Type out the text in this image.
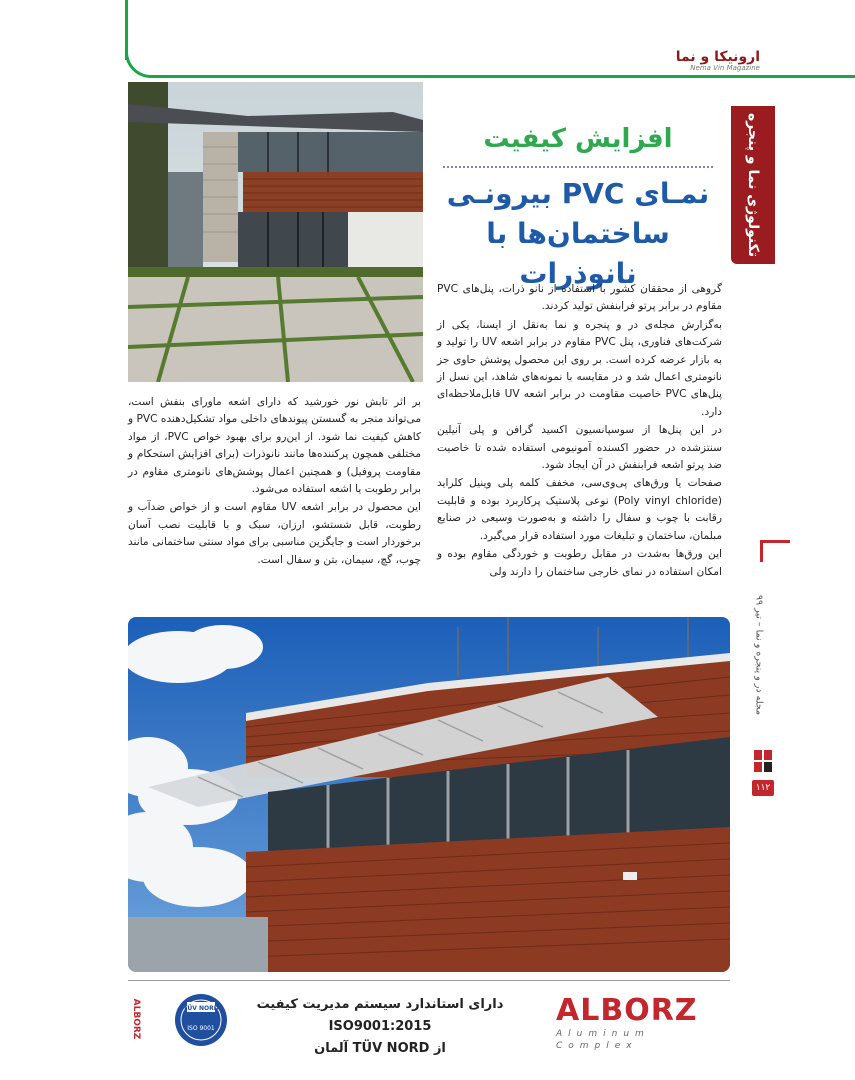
ارونیکا و نما
Nema Vin Magazine
تکنولوژی نما و پنجره
افزایش کیفیت
نمـای PVC بیرونـی
ساختمان‌ها با نانوذرات

گروهی از محققان کشور با استفاده از نانو ذرات، پنل‌های PVC مقاوم در برابر پرتو فرابنفش تولید کردند.

به‌گزارش مجله‌ی در و پنجره و نما به‌نقل از ایسنا، یکی از شرکت‌های فناوری، پنل PVC مقاوم در برابر اشعه UV را تولید و به بازار عرضه کرده است. بر روی این محصول پوشش حاوی جز نانومتری اعمال شد و در مقایسه با نمونه‌های شاهد، این نسل از پنل‌های PVC خاصیت مقاومت در برابر اشعه UV قابل‌ملاحظه‌ای دارد.

در این پنل‌ها از سوسپانسیون اکسید گرافن و پلی آنیلین سنتزشده در حضور اکسنده آمونیومی استفاده شده تا خاصیت ضد پرتو اشعه فرابنفش در آن ایجاد شود.

صفحات یا ورق‌های پی‌وی‌سی، مخفف کلمه پلی وینیل کلراید (Poly vinyl chloride) نوعی پلاستیک پرکاربرد بوده و قابلیت رقابت با چوب و سفال را داشته و به‌صورت وسیعی در صنایع مبلمان، ساختمان و تبلیغات مورد استفاده قرار می‌گیرد.

این ورق‌ها به‌شدت در مقابل رطوبت و خوردگی مقاوم بوده و امکان استفاده در نمای خارجی ساختمان را دارند ولی

بر اثر تابش نور خورشید که دارای اشعه ماورای بنفش است، می‌تواند منجر به گسستن پیوندهای داخلی مواد تشکیل‌دهنده PVC و کاهش کیفیت نما شود. از این‌رو برای بهبود خواص PVC، از مواد مختلفی همچون پرکننده‌ها مانند نانوذرات (برای افزایش استحکام و مقاومت پروفیل) و همچنین اعمال پوشش‌های نانومتری مقاوم در برابر رطوبت یا اشعه استفاده می‌شود.

این محصول در برابر اشعه UV مقاوم است و از خواص ضدآب و رطوبت، قابل شستشو، ارزان، سبک و با قابلیت نصب آسان برخوردار است و جایگزین مناسبی برای مواد سنتی ساختمانی مانند چوب، گچ، سیمان، بتن و سفال است.

مجله در و پنجره و نما – تیر ۹۹
۱۱۲
ALBORZ	TÜV NORD
ISO 9001
دارای استاندارد سیستم مدیریت کیفیت ISO9001:2015
از TÜV NORD آلمان
ALBORZ
Aluminum Complex
